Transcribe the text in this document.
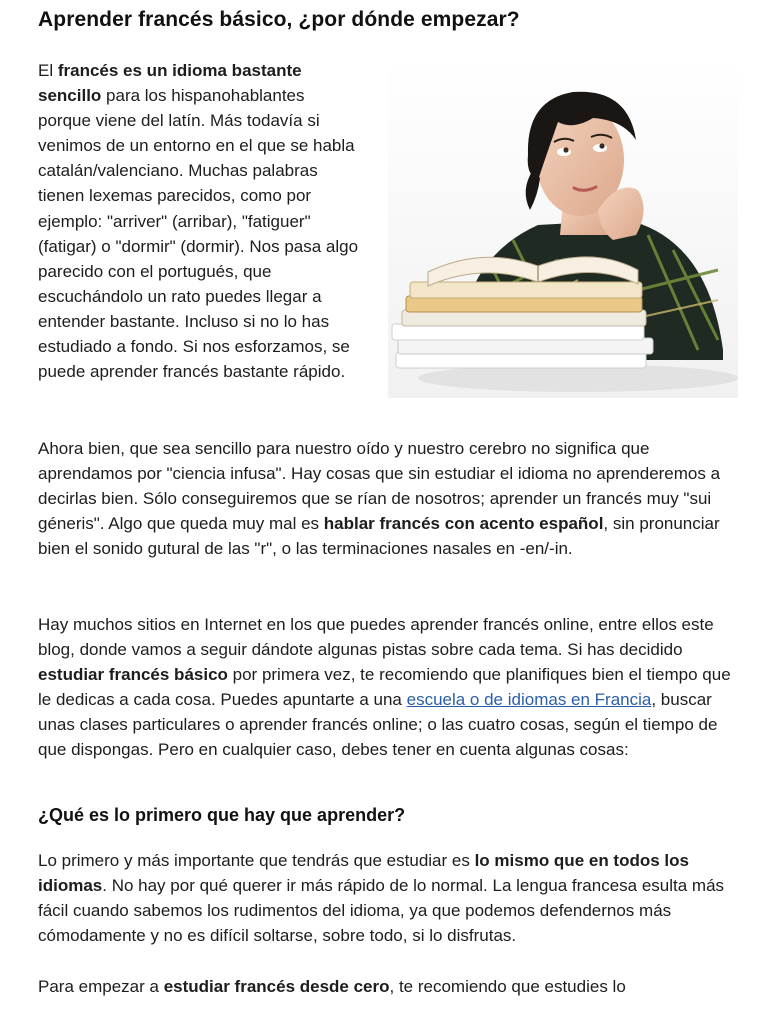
Aprender francés básico, ¿por dónde empezar?

El francés es un idioma bastante sencillo para los hispanohablantes porque viene del latín. Más todavía si venimos de un entorno en el que se habla catalán/valenciano. Muchas palabras tienen lexemas parecidos, como por ejemplo: "arriver" (arribar), "fatiguer" (fatigar) o "dormir" (dormir). Nos pasa algo parecido con el portugués, que escuchándolo un rato puedes llegar a entender bastante. Incluso si no lo has estudiado a fondo. Si nos esforzamos, se puede aprender francés bastante rápido.

Ahora bien, que sea sencillo para nuestro oído y nuestro cerebro no significa que aprendamos por "ciencia infusa". Hay cosas que sin estudiar el idioma no aprenderemos a decirlas bien. Sólo conseguiremos que se rían de nosotros; aprender un francés muy "sui géneris". Algo que queda muy mal es hablar francés con acento español, sin pronunciar bien el sonido gutural de las "r", o las terminaciones nasales en -en/-in.

Hay muchos sitios en Internet en los que puedes aprender francés online, entre ellos este blog, donde vamos a seguir dándote algunas pistas sobre cada tema. Si has decidido estudiar francés básico por primera vez, te recomiendo que planifiques bien el tiempo que le dedicas a cada cosa. Puedes apuntarte a una escuela o de idiomas en Francia, buscar unas clases particulares o aprender francés online; o las cuatro cosas, según el tiempo de que dispongas. Pero en cualquier caso, debes tener en cuenta algunas cosas:

¿Qué es lo primero que hay que aprender?

Lo primero y más importante que tendrás que estudiar es lo mismo que en todos los idiomas. No hay por qué querer ir más rápido de lo normal. La lengua francesa esulta más fácil cuando sabemos los rudimentos del idioma, ya que podemos defendernos más cómodamente y no es difícil soltarse, sobre todo, si lo disfrutas.

Para empezar a estudiar francés desde cero, te recomiendo que estudies lo
